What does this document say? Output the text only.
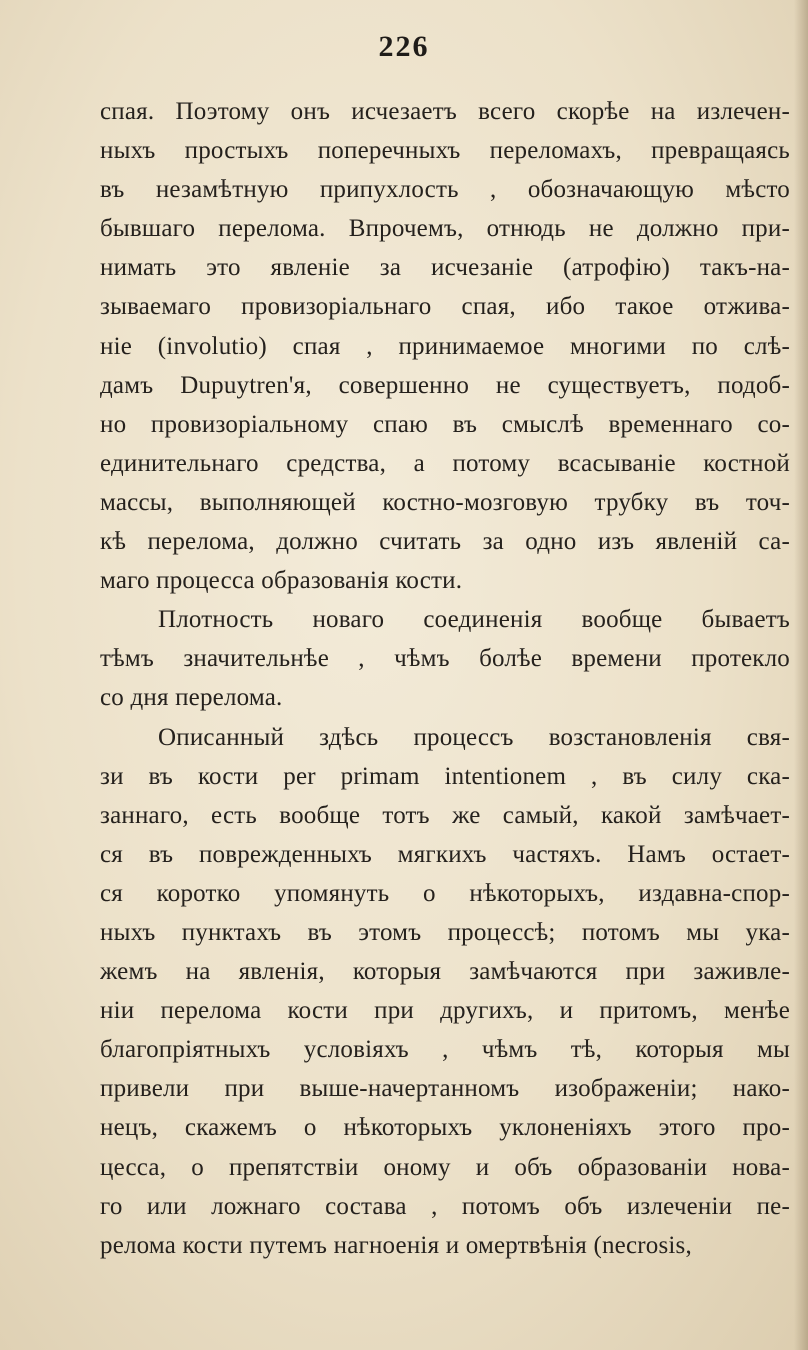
226
спая. Поэтому онъ исчезаетъ всего скорѣе на излечен-
ныхъ простыхъ поперечныхъ переломахъ, превращаясь
въ незамѣтную припухлость , обозначающую мѣсто
бывшаго перелома. Впрочемъ, отнюдь не должно при-
нимать это явленіе за исчезаніе (атрофію) такъ-на-
зываемаго провизоріальнаго спая, ибо такое отжива-
ніе (involutio) спая , принимаемое многими по слѣ-
дамъ Dupuytren'я, совершенно не существуетъ, подоб-
но провизоріальному спаю въ смыслѣ временнаго со-
единительнаго средства, а потому всасываніе костной
массы, выполняющей костно-мозговую трубку въ точ-
кѣ перелома, должно считать за одно изъ явленій са-
маго процесса образованія кости.
Плотность новаго соединенія вообще бываетъ
тѣмъ значительнѣе , чѣмъ болѣе времени протекло
со дня перелома.
Описанный здѣсь процессъ возстановленія свя-
зи въ кости per primam intentionem , въ силу ска-
заннаго, есть вообще тотъ же самый, какой замѣчает-
ся въ поврежденныхъ мягкихъ частяхъ. Намъ остает-
ся коротко упомянуть о нѣкоторыхъ, издавна-спор-
ныхъ пунктахъ въ этомъ процессѣ; потомъ мы ука-
жемъ на явленія, которыя замѣчаются при заживле-
ніи перелома кости при другихъ, и притомъ, менѣе
благопріятныхъ условіяхъ , чѣмъ тѣ, которыя мы
привели при выше-начертанномъ изображеніи; нако-
нецъ, скажемъ о нѣкоторыхъ уклоненіяхъ этого про-
цесса, о препятствіи оному и объ образованіи нова-
го или ложнаго состава , потомъ объ излеченіи пе-
релома кости путемъ нагноенія и омертвѣнія (necrosis,
